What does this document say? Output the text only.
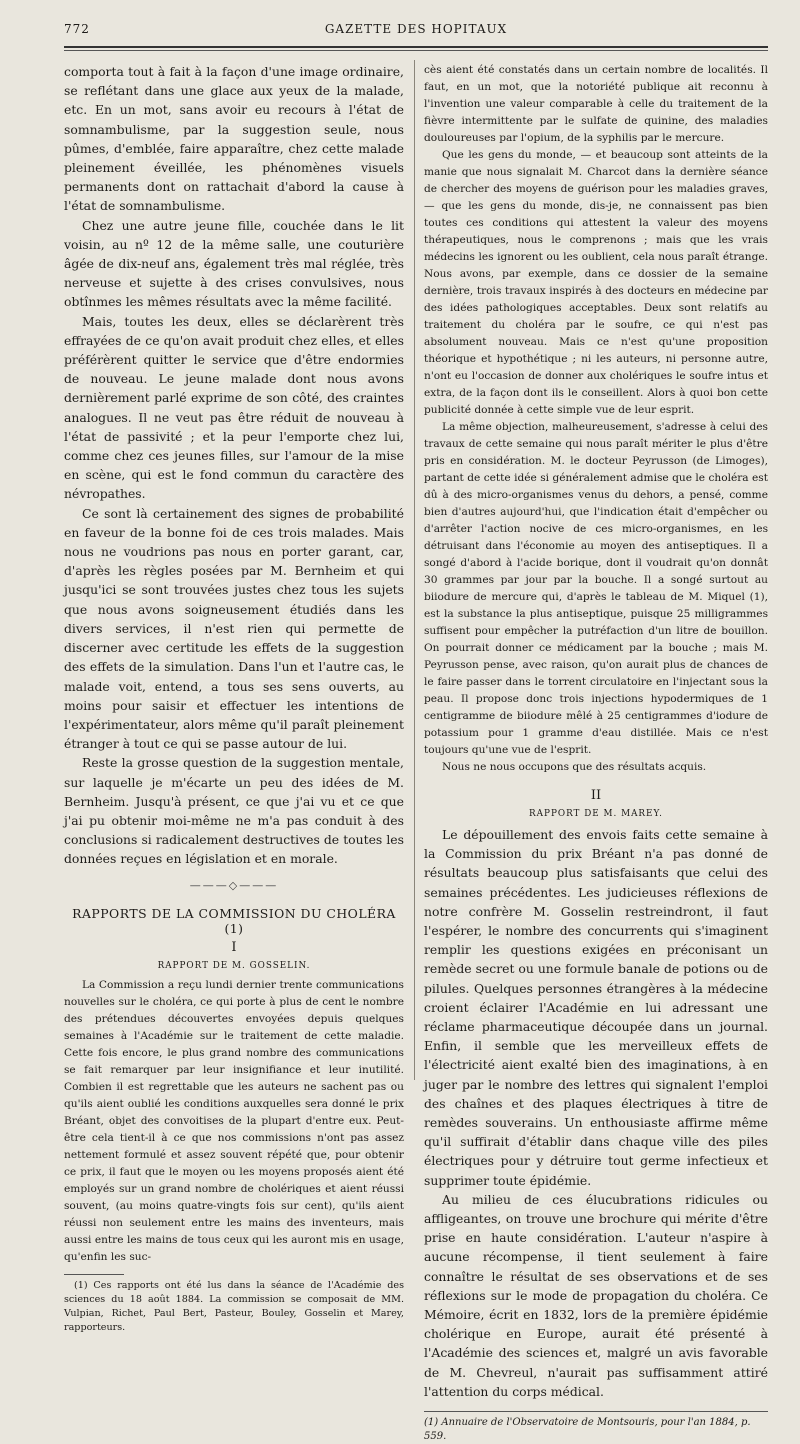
772	GAZETTE DES HOPITAUX

comporta tout à fait à la façon d'une image ordinaire, se reflétant dans une glace aux yeux de la malade, etc. En un mot, sans avoir eu recours à l'état de somnambulisme, par la suggestion seule, nous pûmes, d'emblée, faire apparaître, chez cette malade pleinement éveillée, les phénomènes visuels permanents dont on rattachait d'abord la cause à l'état de somnambulisme.

Chez une autre jeune fille, couchée dans le lit voisin, au nº 12 de la même salle, une couturière âgée de dix-neuf ans, également très mal réglée, très nerveuse et sujette à des crises convulsives, nous obtînmes les mêmes résultats avec la même facilité.

Mais, toutes les deux, elles se déclarèrent très effrayées de ce qu'on avait produit chez elles, et elles préférèrent quitter le service que d'être endormies de nouveau. Le jeune malade dont nous avons dernièrement parlé exprime de son côté, des craintes analogues. Il ne veut pas être réduit de nouveau à l'état de passivité ; et la peur l'emporte chez lui, comme chez ces jeunes filles, sur l'amour de la mise en scène, qui est le fond commun du caractère des névropathes.

Ce sont là certainement des signes de probabilité en faveur de la bonne foi de ces trois malades. Mais nous ne voudrions pas nous en porter garant, car, d'après les règles posées par M. Bernheim et qui jusqu'ici se sont trouvées justes chez tous les sujets que nous avons soigneusement étudiés dans les divers services, il n'est rien qui permette de discerner avec certitude les effets de la suggestion des effets de la simulation. Dans l'un et l'autre cas, le malade voit, entend, a tous ses sens ouverts, au moins pour saisir et effectuer les intentions de l'expérimentateur, alors même qu'il paraît pleinement étranger à tout ce qui se passe autour de lui.

Reste la grosse question de la suggestion mentale, sur laquelle je m'écarte un peu des idées de M. Bernheim. Jusqu'à présent, ce que j'ai vu et ce que j'ai pu obtenir moi-même ne m'a pas conduit à des conclusions si radicalement destructives de toutes les données reçues en législation et en morale.

———◇———
RAPPORTS DE LA COMMISSION DU CHOLÉRA (1)
I
RAPPORT DE M. GOSSELIN.

La Commission a reçu lundi dernier trente communications nouvelles sur le choléra, ce qui porte à plus de cent le nombre des prétendues découvertes envoyées depuis quelques semaines à l'Académie sur le traitement de cette maladie. Cette fois encore, le plus grand nombre des communications se fait remarquer par leur insignifiance et leur inutilité. Combien il est regrettable que les auteurs ne sachent pas ou qu'ils aient oublié les conditions auxquelles sera donné le prix Bréant, objet des convoitises de la plupart d'entre eux. Peut-être cela tient-il à ce que nos commissions n'ont pas assez nettement formulé et assez souvent répété que, pour obtenir ce prix, il faut que le moyen ou les moyens proposés aient été employés sur un grand nombre de cholériques et aient réussi souvent, (au moins quatre-vingts fois sur cent), qu'ils aient réussi non seulement entre les mains des inventeurs, mais aussi entre les mains de tous ceux qui les auront mis en usage, qu'enfin les suc-

(1) Ces rapports ont été lus dans la séance de l'Académie des sciences du 18 août 1884. La commission se composait de MM. Vulpian, Richet, Paul Bert, Pasteur, Bouley, Gosselin et Marey, rapporteurs.

cès aient été constatés dans un certain nombre de localités. Il faut, en un mot, que la notoriété publique ait reconnu à l'invention une valeur comparable à celle du traitement de la fièvre intermittente par le sulfate de quinine, des maladies douloureuses par l'opium, de la syphilis par le mercure.

Que les gens du monde, — et beaucoup sont atteints de la manie que nous signalait M. Charcot dans la dernière séance de chercher des moyens de guérison pour les maladies graves, — que les gens du monde, dis-je, ne connaissent pas bien toutes ces conditions qui attestent la valeur des moyens thérapeutiques, nous le comprenons ; mais que les vrais médecins les ignorent ou les oublient, cela nous paraît étrange. Nous avons, par exemple, dans ce dossier de la semaine dernière, trois travaux inspirés à des docteurs en médecine par des idées pathologiques acceptables. Deux sont relatifs au traitement du choléra par le soufre, ce qui n'est pas absolument nouveau. Mais ce n'est qu'une proposition théorique et hypothétique ; ni les auteurs, ni personne autre, n'ont eu l'occasion de donner aux cholériques le soufre intus et extra, de la façon dont ils le conseillent. Alors à quoi bon cette publicité donnée à cette simple vue de leur esprit.

La même objection, malheureusement, s'adresse à celui des travaux de cette semaine qui nous paraît mériter le plus d'être pris en considération. M. le docteur Peyrusson (de Limoges), partant de cette idée si généralement admise que le choléra est dû à des micro-organismes venus du dehors, a pensé, comme bien d'autres aujourd'hui, que l'indication était d'empêcher ou d'arrêter l'action nocive de ces micro-organismes, en les détruisant dans l'économie au moyen des antiseptiques. Il a songé d'abord à l'acide borique, dont il voudrait qu'on donnât 30 grammes par jour par la bouche. Il a songé surtout au biiodure de mercure qui, d'après le tableau de M. Miquel (1), est la substance la plus antiseptique, puisque 25 milligrammes suffisent pour empêcher la putréfaction d'un litre de bouillon. On pourrait donner ce médicament par la bouche ; mais M. Peyrusson pense, avec raison, qu'on aurait plus de chances de le faire passer dans le torrent circulatoire en l'injectant sous la peau. Il propose donc trois injections hypodermiques de 1 centigramme de biiodure mêlé à 25 centigrammes d'iodure de potassium pour 1 gramme d'eau distillée. Mais ce n'est toujours qu'une vue de l'esprit.

Nous ne nous occupons que des résultats acquis.

II
RAPPORT DE M. MAREY.

Le dépouillement des envois faits cette semaine à la Commission du prix Bréant n'a pas donné de résultats beaucoup plus satisfaisants que celui des semaines précédentes. Les judicieuses réflexions de notre confrère M. Gosselin restreindront, il faut l'espérer, le nombre des concurrents qui s'imaginent remplir les questions exigées en préconisant un remède secret ou une formule banale de potions ou de pilules. Quelques personnes étrangères à la médecine croient éclairer l'Académie en lui adressant une réclame pharmaceutique découpée dans un journal. Enfin, il semble que les merveilleux effets de l'électricité aient exalté bien des imaginations, à en juger par le nombre des lettres qui signalent l'emploi des chaînes et des plaques électriques à titre de remèdes souverains. Un enthousiaste affirme même qu'il suffirait d'établir dans chaque ville des piles électriques pour y détruire tout germe infectieux et supprimer toute épidémie.

Au milieu de ces élucubrations ridicules ou affligeantes, on trouve une brochure qui mérite d'être prise en haute considération. L'auteur n'aspire à aucune récompense, il tient seulement à faire connaître le résultat de ses observations et de ses réflexions sur le mode de propagation du choléra. Ce Mémoire, écrit en 1832, lors de la première épidémie cholérique en Europe, aurait été présenté à l'Académie des sciences et, malgré un avis favorable de M. Chevreul, n'aurait pas suffisamment attiré l'attention du corps médical.

(1) Annuaire de l'Observatoire de Montsouris, pour l'an 1884, p. 559.
